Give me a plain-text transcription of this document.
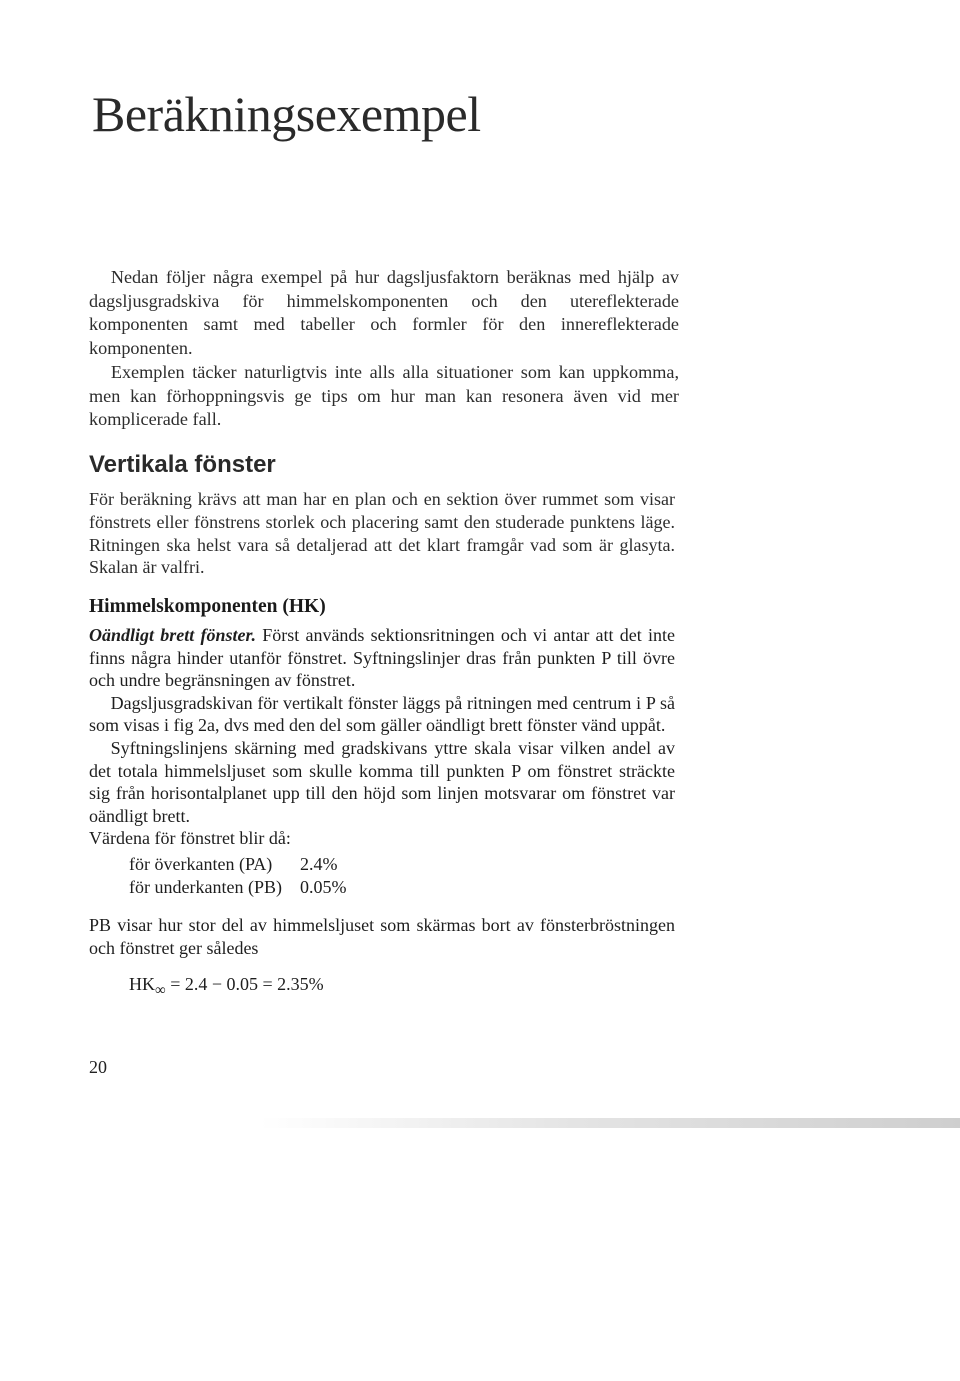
Beräkningsexempel

Nedan följer några exempel på hur dagsljusfaktorn beräknas med hjälp av dagsljusgradskiva för himmelskomponenten och den utereflekterade komponenten samt med tabeller och formler för den innereflekterade komponenten.

Exemplen täcker naturligtvis inte alls alla situationer som kan uppkomma, men kan förhoppningsvis ge tips om hur man kan resonera även vid mer komplicerade fall.

Vertikala fönster

För beräkning krävs att man har en plan och en sektion över rummet som visar fönstrets eller fönstrens storlek och placering samt den studerade punktens läge. Ritningen ska helst vara så detaljerad att det klart framgår vad som är glasyta. Skalan är valfri.

Himmelskomponenten (HK)

Oändligt brett fönster. Först används sektionsritningen och vi antar att det inte finns några hinder utanför fönstret. Syftningslinjer dras från punkten P till övre och undre begränsningen av fönstret.

Dagsljusgradskivan för vertikalt fönster läggs på ritningen med centrum i P så som visas i fig 2a, dvs med den del som gäller oändligt brett fönster vänd uppåt.

Syftningslinjens skärning med gradskivans yttre skala visar vilken andel av det totala himmelsljuset som skulle komma till punkten P om fönstret sträckte sig från horisontalplanet upp till den höjd som linjen motsvarar om fönstret var oändligt brett.

Värdena för fönstret blir då:

för överkanten (PA)	2.4%
för underkanten (PB)	0.05%

PB visar hur stor del av himmelsljuset som skärmas bort av fönsterbröstningen och fönstret ger således

$HK_\infty = 2.4 - 0.05 = 2.35\%$
20
